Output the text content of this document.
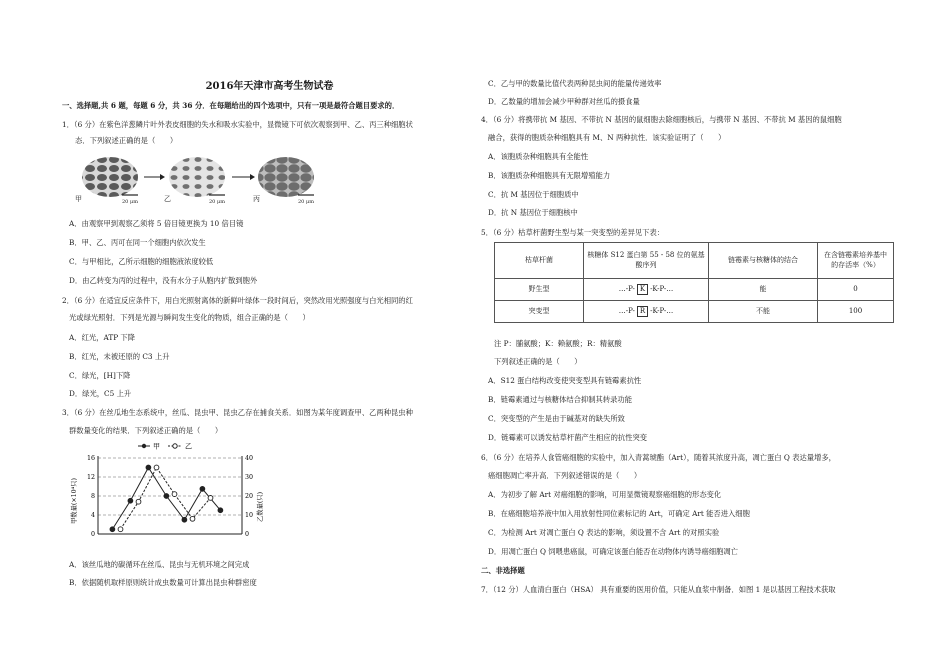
2016年天津市高考生物试卷
一、选择题,共 6 题，每题 6 分，共 36 分．在每题给出的四个选项中，只有一项是最符合题目要求的．
1．（6 分）在紫色洋葱鳞片叶外表皮细胞的失水和吸水实验中，显微镜下可依次观察到甲、乙、丙三种细胞状
态．下列叙述正确的是（　　）
甲	乙	丙
20 μm	20 μm	20 μm
A．由观察甲到观察乙须将 5 倍目镜更换为 10 倍目镜
B．甲、乙、丙可在同一个细胞内依次发生
C．与甲相比，乙所示细胞的细胞液浓度较低
D．由乙转变为丙的过程中，没有水分子从胞内扩散到胞外
2．（6 分）在适宜反应条件下，用白光照射离体的新鲜叶绿体一段时间后，突然改用光照强度与白光相同的红
光或绿光照射．下列是光源与瞬间发生变化的物质，组合正确的是（　　）
A．红光，ATP 下降
B．红光，未被还原的 C3 上升
C．绿光，[H]下降
D．绿光，C5 上升
3．（6 分）在丝瓜地生态系统中，丝瓜、昆虫甲、昆虫乙存在捕食关系．如图为某年度调查甲、乙两种昆虫种
群数量变化的结果．下列叙述正确的是（　　）
甲	乙
0
4
8
12
16
0
10
20
30
40
甲数量(×10⁴只)	乙数量(只)
A．该丝瓜地的碳循环在丝瓜、昆虫与无机环境之间完成
B．依据随机取样原则统计成虫数量可计算出昆虫种群密度
C．乙与甲的数量比值代表两种昆虫间的能量传递效率
D．乙数量的增加会减少甲种群对丝瓜的摄食量
4．（6 分）将携带抗 M 基因、不带抗 N 基因的鼠细胞去除细胞核后，与携带 N 基因、不带抗 M 基因的鼠细胞
融合，获得的胞质杂种细胞具有 M、N 两种抗性．该实验证明了（　　）
A．该胞质杂种细胞具有全能性
B．该胞质杂种细胞具有无限增殖能力
C．抗 M 基因位于细胞质中
D．抗 N 基因位于细胞核中
5．（6 分）枯草杆菌野生型与某一突变型的差异见下表：
枯草杆菌	核糖体 S12 蛋白第 55 - 58 位的氨基酸序列	链霉素与核糖体的结合	在含链霉素培养基中的存活率（%）
野生型	…-P- K -K-P-…	能	0
突变型	…-P- R -K-P-…	不能	100
注 P：脯氨酸；K：赖氨酸；R：精氨酸
下列叙述正确的是（　　）
A．S12 蛋白结构改变使突变型具有链霉素抗性
B．链霉素通过与核糖体结合抑制其转录功能
C．突变型的产生是由于碱基对的缺失所致
D．链霉素可以诱发枯草杆菌产生相应的抗性突变
6．（6 分）在培养人食管癌细胞的实验中，加入青蒿琥酯（Art），随着其浓度升高，凋亡蛋白 Q 表达量增多，
癌细胞凋亡率升高．下列叙述错误的是（　　）
A．为初步了解 Art 对癌细胞的影响，可用显微镜观察癌细胞的形态变化
B．在癌细胞培养液中加入用放射性同位素标记的 Art，可确定 Art 能否进入细胞
C．为检测 Art 对凋亡蛋白 Q 表达的影响，须设置不含 Art 的对照实验
D．用凋亡蛋白 Q 饲喂患癌鼠，可确定该蛋白能否在动物体内诱导癌细胞凋亡
二、非选择题
7．（12 分）人血清白蛋白（HSA） 具有重要的医用价值，只能从血浆中制备．如图 1 是以基因工程技术获取
